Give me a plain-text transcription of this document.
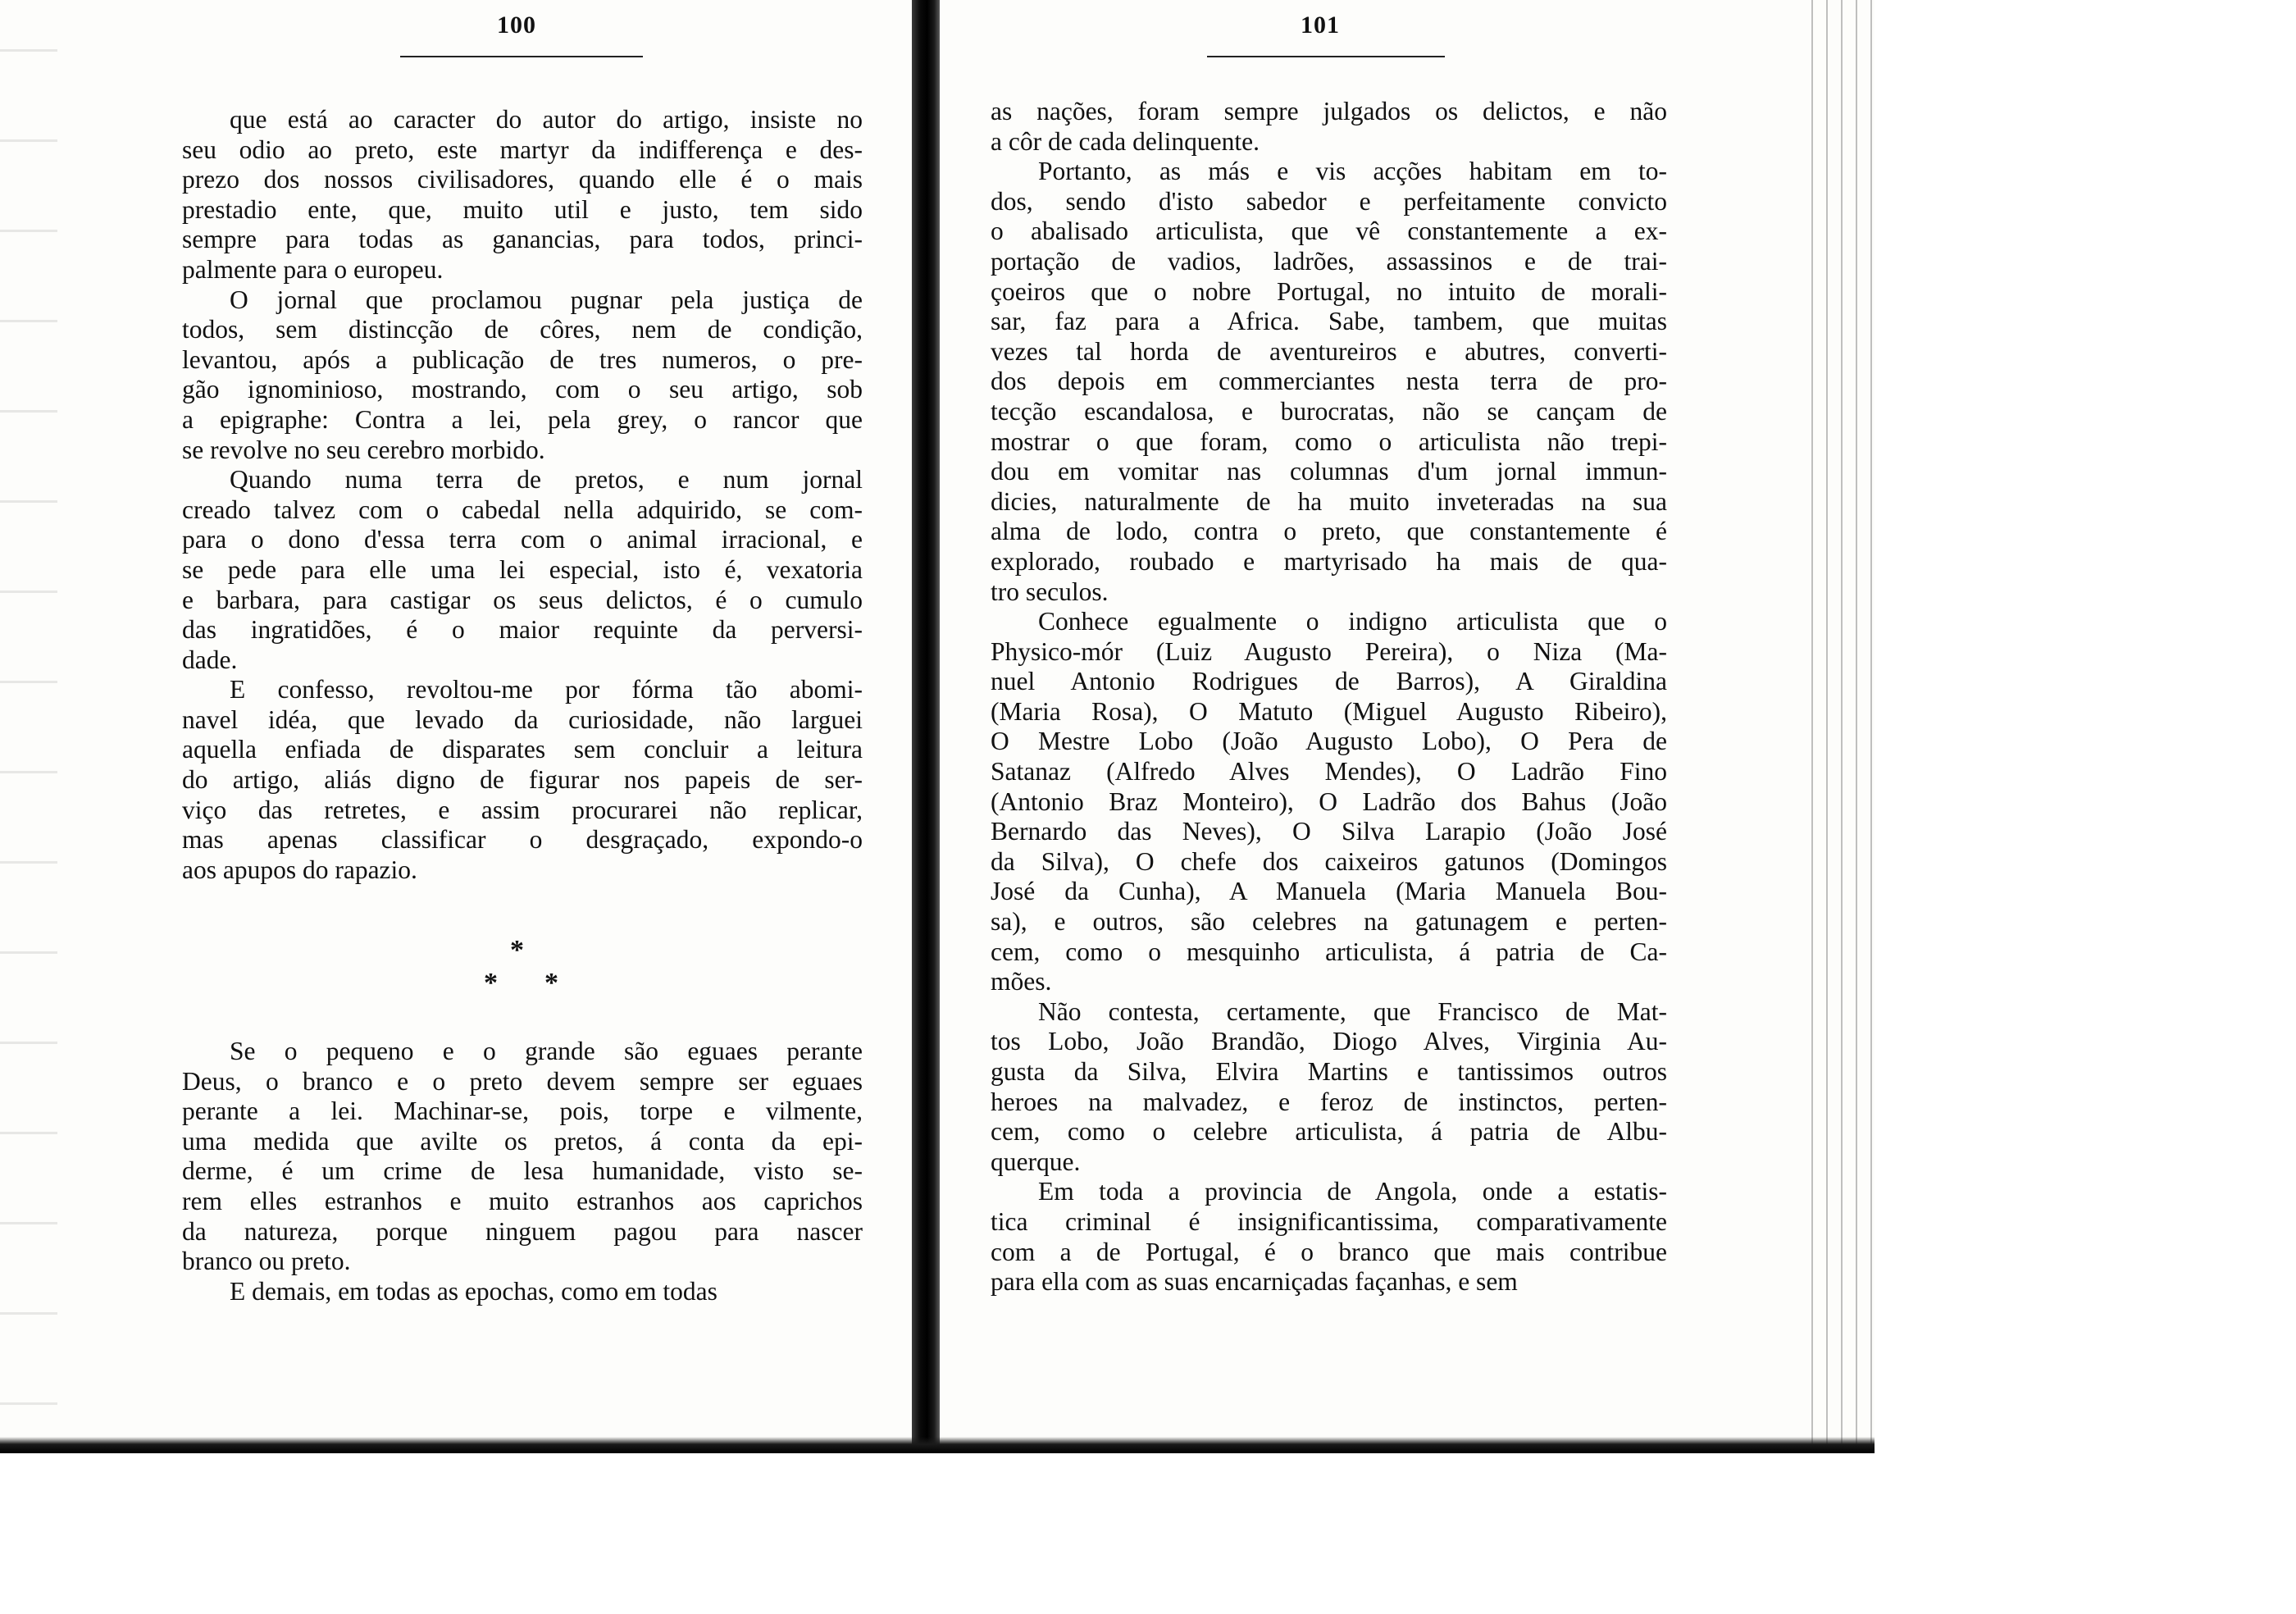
100
que está ao caracter do autor do artigo, insiste no
seu odio ao preto, este martyr da indifferença e des-
prezo dos nossos civilisadores, quando elle é o mais
prestadio ente, que, muito util e justo, tem sido
sempre para todas as ganancias, para todos, princi-
palmente para o europeu.
O jornal que proclamou pugnar pela justiça de
todos, sem distincção de côres, nem de condição,
levantou, após a publicação de tres numeros, o pre-
gão ignominioso, mostrando, com o seu artigo, sob
a epigraphe: Contra a lei, pela grey, o rancor que
se revolve no seu cerebro morbido.
Quando numa terra de pretos, e num jornal
creado talvez com o cabedal nella adquirido, se com-
para o dono d'essa terra com o animal irracional, e
se pede para elle uma lei especial, isto é, vexatoria
e barbara, para castigar os seus delictos, é o cumulo
das ingratidões, é o maior requinte da perversi-
dade.
E confesso, revoltou-me por fórma tão abomi-
navel idéa, que levado da curiosidade, não larguei
aquella enfiada de disparates sem concluir a leitura
do artigo, aliás digno de figurar nos papeis de ser-
viço das retretes, e assim procurarei não replicar,
mas apenas classificar o desgraçado, expondo-o
aos apupos do rapazio.
*
* *
Se o pequeno e o grande são eguaes perante
Deus, o branco e o preto devem sempre ser eguaes
perante a lei. Machinar-se, pois, torpe e vilmente,
uma medida que avilte os pretos, á conta da epi-
derme, é um crime de lesa humanidade, visto se-
rem elles estranhos e muito estranhos aos caprichos
da natureza, porque ninguem pagou para nascer
branco ou preto.
E demais, em todas as epochas, como em todas
101
as nações, foram sempre julgados os delictos, e não
a côr de cada delinquente.
Portanto, as más e vis acções habitam em to-
dos, sendo d'isto sabedor e perfeitamente convicto
o abalisado articulista, que vê constantemente a ex-
portação de vadios, ladrões, assassinos e de trai-
çoeiros que o nobre Portugal, no intuito de morali-
sar, faz para a Africa. Sabe, tambem, que muitas
vezes tal horda de aventureiros e abutres, converti-
dos depois em commerciantes nesta terra de pro-
tecção escandalosa, e burocratas, não se cançam de
mostrar o que foram, como o articulista não trepi-
dou em vomitar nas columnas d'um jornal immun-
dicies, naturalmente de ha muito inveteradas na sua
alma de lodo, contra o preto, que constantemente é
explorado, roubado e martyrisado ha mais de qua-
tro seculos.
Conhece egualmente o indigno articulista que o
Physico-mór (Luiz Augusto Pereira), o Niza (Ma-
nuel Antonio Rodrigues de Barros), A Giraldina
(Maria Rosa), O Matuto (Miguel Augusto Ribeiro),
O Mestre Lobo (João Augusto Lobo), O Pera de
Satanaz (Alfredo Alves Mendes), O Ladrão Fino
(Antonio Braz Monteiro), O Ladrão dos Bahus (João
Bernardo das Neves), O Silva Larapio (João José
da Silva), O chefe dos caixeiros gatunos (Domingos
José da Cunha), A Manuela (Maria Manuela Bou-
sa), e outros, são celebres na gatunagem e perten-
cem, como o mesquinho articulista, á patria de Ca-
mões.
Não contesta, certamente, que Francisco de Mat-
tos Lobo, João Brandão, Diogo Alves, Virginia Au-
gusta da Silva, Elvira Martins e tantissimos outros
heroes na malvadez, e feroz de instinctos, perten-
cem, como o celebre articulista, á patria de Albu-
querque.
Em toda a provincia de Angola, onde a estatis-
tica criminal é insignificantissima, comparativamente
com a de Portugal, é o branco que mais contribue
para ella com as suas encarniçadas façanhas, e sem
